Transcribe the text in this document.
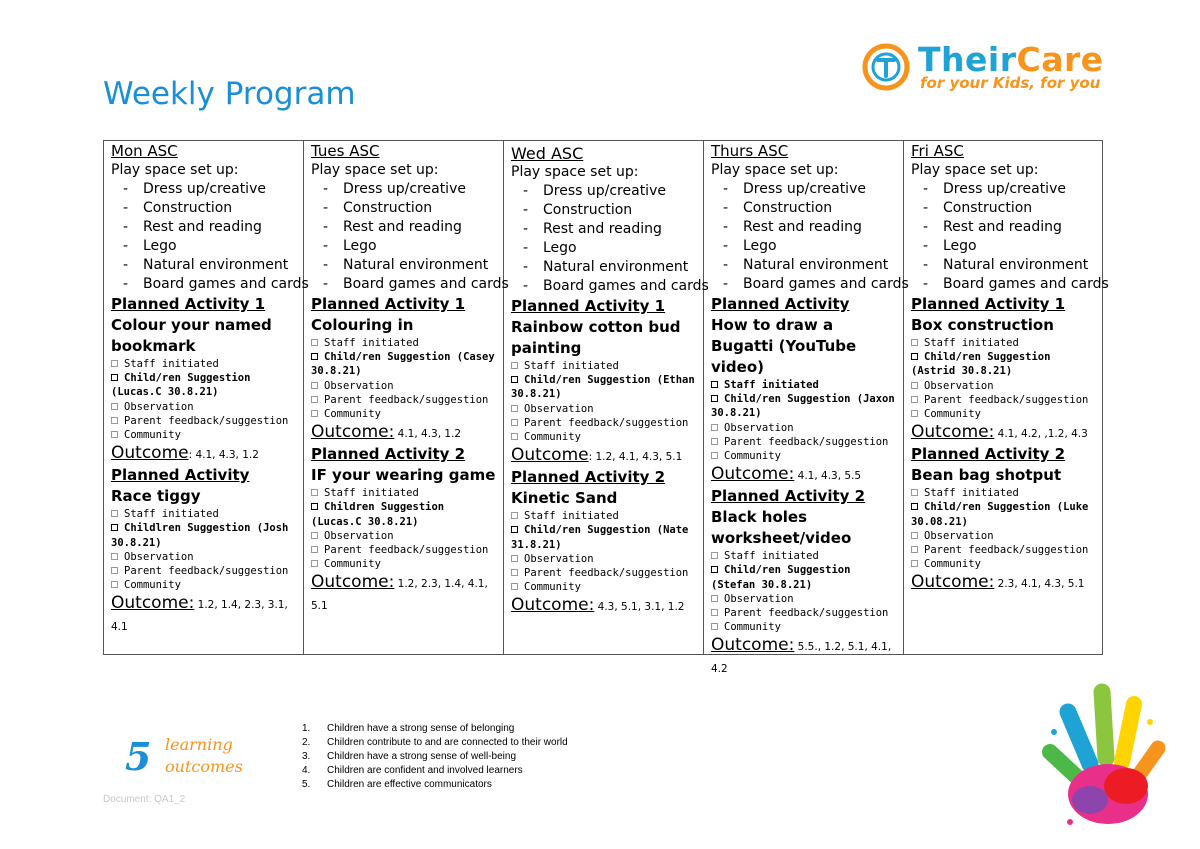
Weekly Program
TheirCare
for your Kids, for you
Mon ASC
Play space set up:
- Dress up/creative
- Construction
- Rest and reading
- Lego
- Natural environment
- Board games and cards
Planned Activity 1
Colour your named bookmark
Staff initiated
Child/ren Suggestion (Lucas.C 30.8.21)
Observation
Parent feedback/suggestion
Community
Outcome: 4.1, 4.3, 1.2
Planned Activity
Race tiggy
Staff initiated
Childlren Suggestion (Josh 30.8.21)
Observation
Parent feedback/suggestion
Community
Outcome: 1.2, 1.4, 2.3, 3.1, 4.1
Tues ASC
Play space set up:
- Dress up/creative
- Construction
- Rest and reading
- Lego
- Natural environment
- Board games and cards
Planned Activity 1
Colouring in
Staff initiated
Child/ren Suggestion (Casey 30.8.21)
Observation
Parent feedback/suggestion
Community
Outcome: 4.1, 4.3, 1.2
Planned Activity 2
IF your wearing game
Staff initiated
Children Suggestion (Lucas.C 30.8.21)
Observation
Parent feedback/suggestion
Community
Outcome: 1.2, 2.3, 1.4, 4.1, 5.1
Wed ASC
Play space set up:
- Dress up/creative
- Construction
- Rest and reading
- Lego
- Natural environment
- Board games and cards
Planned Activity 1
Rainbow cotton bud painting
Staff initiated
Child/ren Suggestion (Ethan 30.8.21)
Observation
Parent feedback/suggestion
Community
Outcome: 1.2, 4.1, 4.3, 5.1
Planned Activity 2
Kinetic Sand
Staff initiated
Child/ren Suggestion (Nate 31.8.21)
Observation
Parent feedback/suggestion
Community
Outcome: 4.3, 5.1, 3.1, 1.2
Thurs ASC
Play space set up:
- Dress up/creative
- Construction
- Rest and reading
- Lego
- Natural environment
- Board games and cards
Planned Activity
How to draw a Bugatti (YouTube video)
Staff initiated
Child/ren Suggestion (Jaxon 30.8.21)
Observation
Parent feedback/suggestion
Community
Outcome: 4.1, 4.3, 5.5
Planned Activity 2
Black holes worksheet/video
Staff initiated
Child/ren Suggestion (Stefan 30.8.21)
Observation
Parent feedback/suggestion
Community
Outcome: 5.5., 1.2, 5.1, 4.1, 4.2
Fri ASC
Play space set up:
- Dress up/creative
- Construction
- Rest and reading
- Lego
- Natural environment
- Board games and cards
Planned Activity 1
Box construction
Staff initiated
Child/ren Suggestion (Astrid 30.8.21)
Observation
Parent feedback/suggestion
Community
Outcome: 4.1, 4.2, ,1.2, 4.3
Planned Activity 2
Bean bag shotput
Staff initiated
Child/ren Suggestion (Luke 30.08.21)
Observation
Parent feedback/suggestion
Community
Outcome: 2.3, 4.1, 4.3, 5.1
5 learning
outcomes
1. Children have a strong sense of belonging
2. Children contribute to and are connected to their world
3. Children have a strong sense of well-being
4. Children are confident and involved learners
5. Children are effective communicators
Document: QA1_2
